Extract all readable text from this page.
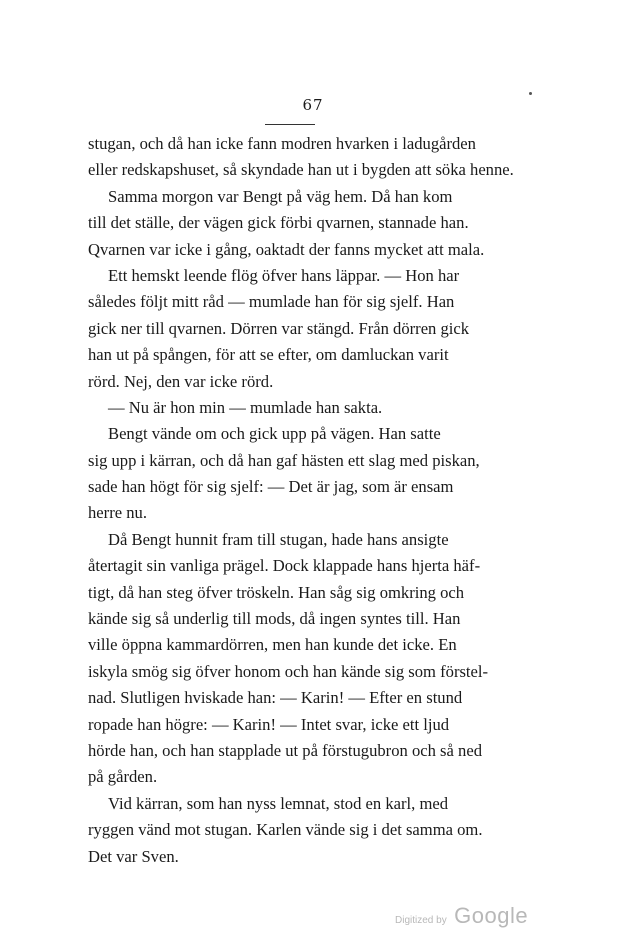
67
stugan, och då han icke fann modren hvarken i ladugården
eller redskapshuset, så skyndade han ut i bygden att söka henne.
Samma morgon var Bengt på väg hem. Då han kom
till det ställe, der vägen gick förbi qvarnen, stannade han.
Qvarnen var icke i gång, oaktadt der fanns mycket att mala.
Ett hemskt leende flög öfver hans läppar. — Hon har
således följt mitt råd — mumlade han för sig sjelf. Han
gick ner till qvarnen. Dörren var stängd. Från dörren gick
han ut på spången, för att se efter, om damluckan varit
rörd. Nej, den var icke rörd.
— Nu är hon min — mumlade han sakta.
Bengt vände om och gick upp på vägen. Han satte
sig upp i kärran, och då han gaf hästen ett slag med piskan,
sade han högt för sig sjelf: — Det är jag, som är ensam
herre nu.
Då Bengt hunnit fram till stugan, hade hans ansigte
återtagit sin vanliga prägel. Dock klappade hans hjerta häf-
tigt, då han steg öfver tröskeln. Han såg sig omkring och
kände sig så underlig till mods, då ingen syntes till. Han
ville öppna kammardörren, men han kunde det icke. En
iskyla smög sig öfver honom och han kände sig som förstel-
nad. Slutligen hviskade han: — Karin! — Efter en stund
ropade han högre: — Karin! — Intet svar, icke ett ljud
hörde han, och han stapplade ut på förstugubron och så ned
på gården.
Vid kärran, som han nyss lemnat, stod en karl, med
ryggen vänd mot stugan. Karlen vände sig i det samma om.
Det var Sven.
Digitized by Google
